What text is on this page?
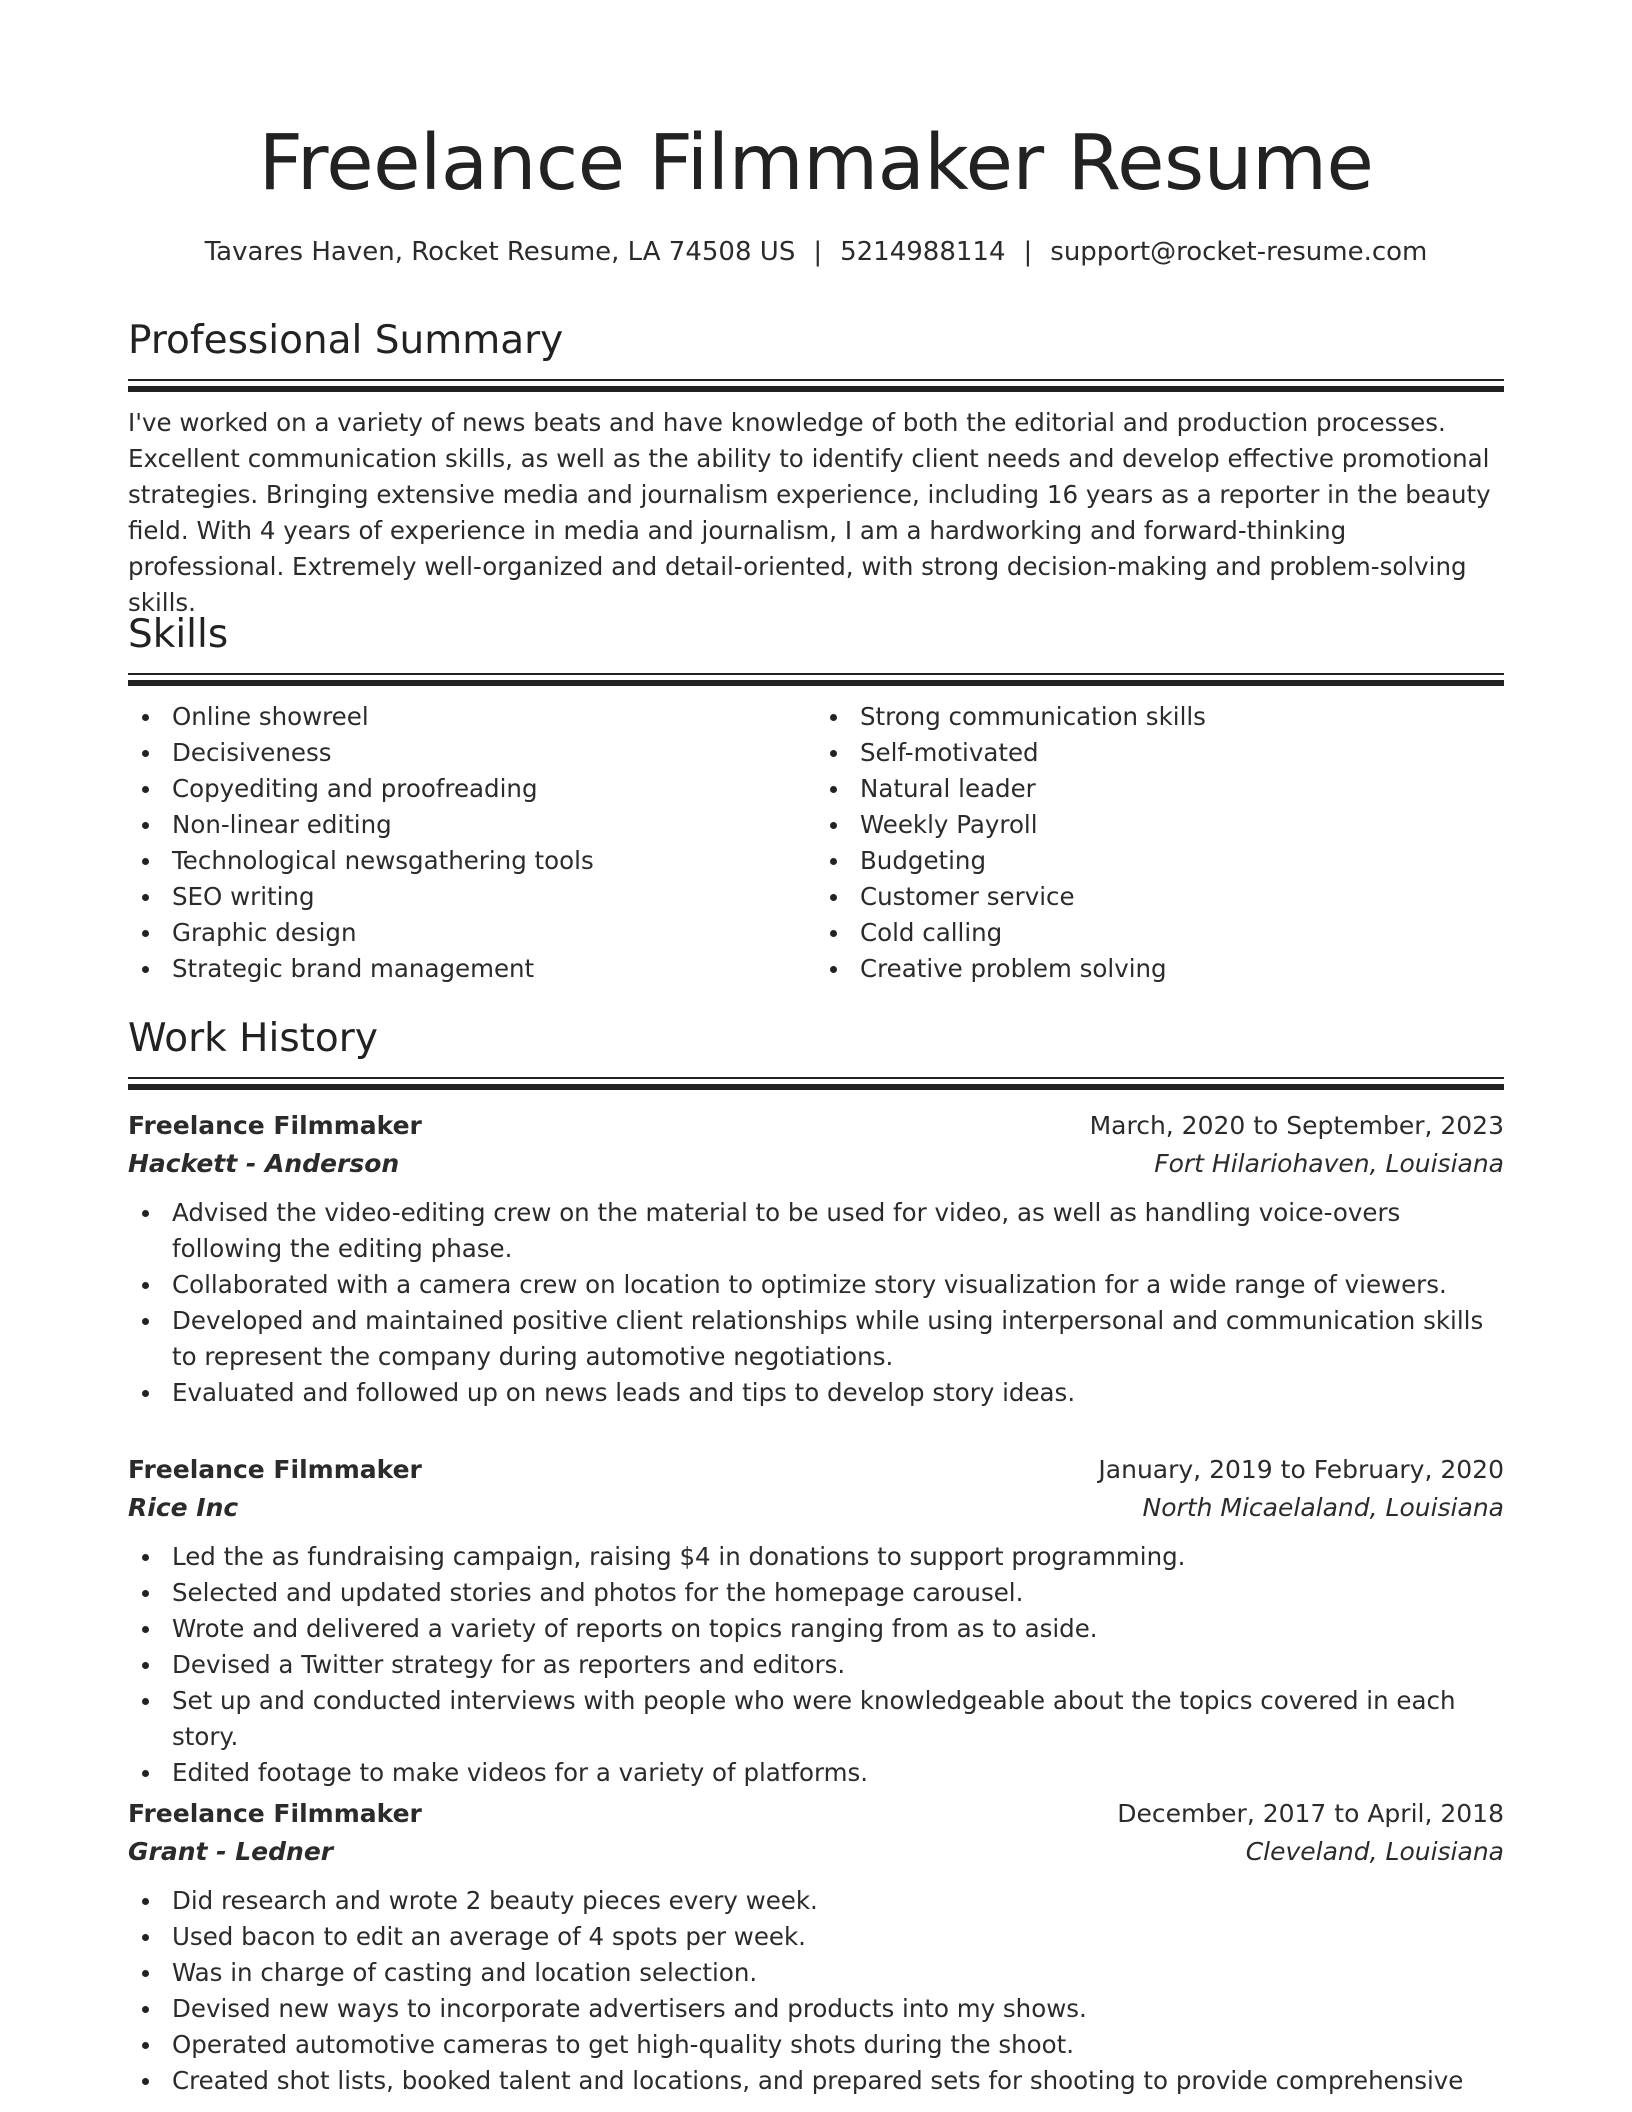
Freelance Filmmaker Resume
Tavares Haven, Rocket Resume, LA 74508 US | 5214988114 | support@rocket-resume.com
Professional Summary

I've worked on a variety of news beats and have knowledge of both the editorial and production processes. Excellent communication skills, as well as the ability to identify client needs and develop effective promotional strategies. Bringing extensive media and journalism experience, including 16 years as a reporter in the beauty field. With 4 years of experience in media and journalism, I am a hardworking and forward-thinking professional. Extremely well-organized and detail-oriented, with strong decision-making and problem-solving skills.

Skills
Online showreel
Decisiveness
Copyediting and proofreading
Non-linear editing
Technological newsgathering tools
SEO writing
Graphic design
Strategic brand management
Strong communication skills
Self-motivated
Natural leader
Weekly Payroll
Budgeting
Customer service
Cold calling
Creative problem solving
Work History
Freelance Filmmaker	March, 2020 to September, 2023
Hackett - Anderson	Fort Hilariohaven, Louisiana
Advised the video-editing crew on the material to be used for video, as well as handling voice-overs following the editing phase.
Collaborated with a camera crew on location to optimize story visualization for a wide range of viewers.
Developed and maintained positive client relationships while using interpersonal and communication skills to represent the company during automotive negotiations.
Evaluated and followed up on news leads and tips to develop story ideas.
Freelance Filmmaker	January, 2019 to February, 2020
Rice Inc	North Micaelaland, Louisiana
Led the as fundraising campaign, raising $4 in donations to support programming.
Selected and updated stories and photos for the homepage carousel.
Wrote and delivered a variety of reports on topics ranging from as to aside.
Devised a Twitter strategy for as reporters and editors.
Set up and conducted interviews with people who were knowledgeable about the topics covered in each story.
Edited footage to make videos for a variety of platforms.
Freelance Filmmaker	December, 2017 to April, 2018
Grant - Ledner	Cleveland, Louisiana
Did research and wrote 2 beauty pieces every week.
Used bacon to edit an average of 4 spots per week.
Was in charge of casting and location selection.
Devised new ways to incorporate advertisers and products into my shows.
Operated automotive cameras to get high-quality shots during the shoot.
Created shot lists, booked talent and locations, and prepared sets for shooting to provide comprehensive
